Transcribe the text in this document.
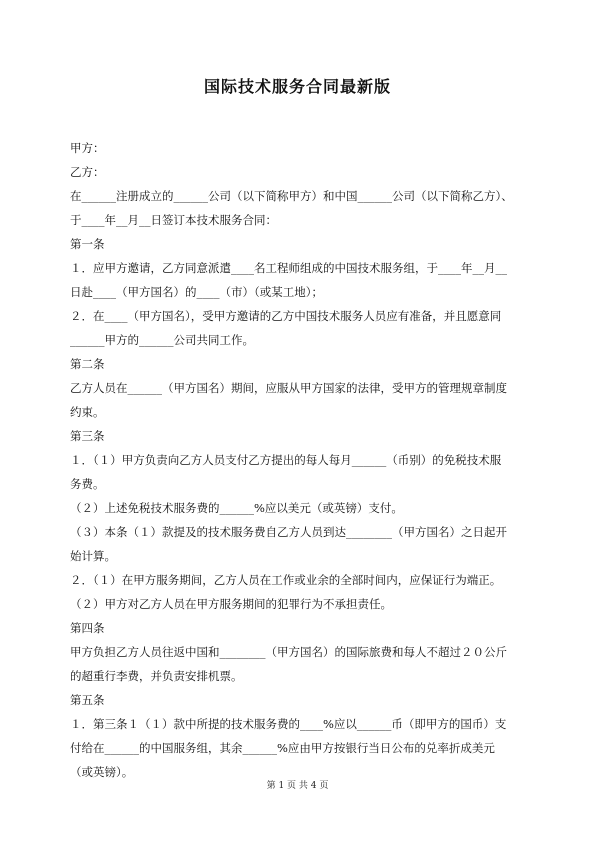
国际技术服务合同最新版
甲方：
乙方：
在______注册成立的______公司（以下简称甲方）和中国______公司（以下简称乙方）、
于____年__月__日签订本技术服务合同：
第一条
１．应甲方邀请，乙方同意派遣____名工程师组成的中国技术服务组，于____年__月__
日赴____（甲方国名）的____（市）（或某工地）；
２．在____（甲方国名），受甲方邀请的乙方中国技术服务人员应有准备，并且愿意同
______甲方的______公司共同工作。
第二条
乙方人员在______（甲方国名）期间，应服从甲方国家的法律，受甲方的管理规章制度
约束。
第三条
１．（１）甲方负责向乙方人员支付乙方提出的每人每月______（币别）的免税技术服
务费。
（２）上述免税技术服务费的______%应以美元（或英镑）支付。
（３）本条（１）款提及的技术服务费自乙方人员到达________（甲方国名）之日起开
始计算。
２．（１）在甲方服务期间，乙方人员在工作或业余的全部时间内，应保证行为端正。
（２）甲方对乙方人员在甲方服务期间的犯罪行为不承担责任。
第四条
甲方负担乙方人员往返中国和________（甲方国名）的国际旅费和每人不超过２０公斤
的超重行李费，并负责安排机票。
第五条
１．第三条１（１）款中所提的技术服务费的____%应以______币（即甲方的国币）支
付给在______的中国服务组，其余______%应由甲方按银行当日公布的兑率折成美元
（或英镑）。
第 1 页 共 4 页
